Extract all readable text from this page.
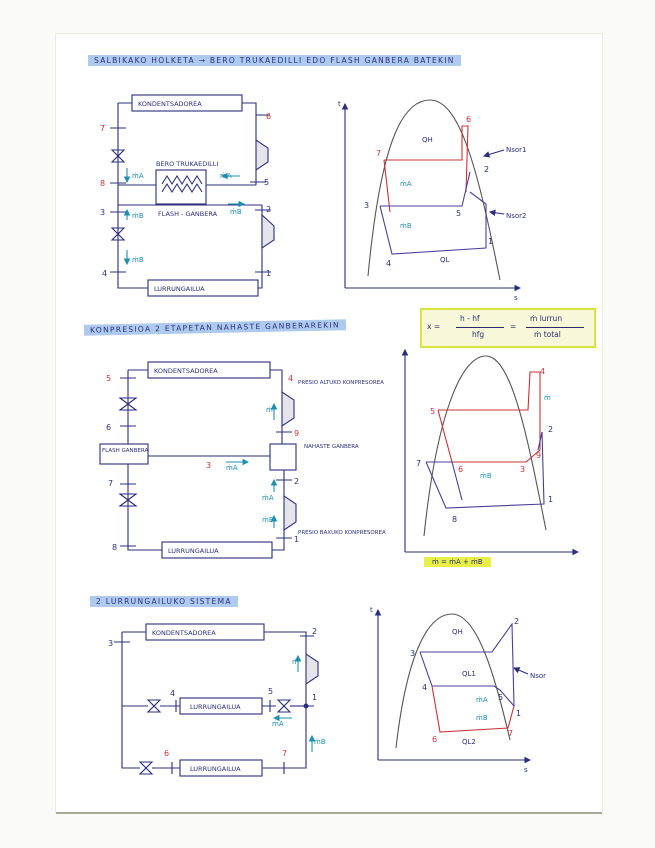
SALBIKAKO HOLKETA → BERO TRUKAEDILLI EDO FLASH GANBERA BATEKIN
KONPRESIOA 2 ETAPETAN NAHASTE GANBERAREKIN
2 LURRUNGAILUKO SISTEMA
x =
h - hf
hfg
=
ṁ lurrun
ṁ total
ṁ = ṁA + ṁB
KONDENTSADOREA
BERO TRUKAEDILLI
FLASH - GANBERA
LURRUNGAILUA
7
6
5
8
3	2
4	1
ṁA	ṁA
ṁB	ṁB
ṁB
t
s
QH
QL
Nsor1
Nsor2
ṁA
ṁB
7
6
2
3
5
4
1
KONDENTSADOREA
FLASH GANBERA
NAHASTE GANBERA
LURRUNGAILUA
PRESIO ALTUKO KONPRESOREA
PRESIO BAXUKO KONPRESOREA
5	4
6
9
3
7	2
8
1
ṁ
ṁA
ṁA
ṁB
5
4
2
9
7
6	3
8
1
ṁ
ṁB
KONDENTSADOREA
LURRUNGAILUA
LURRUNGAILUA
3
2
4	5
1
6	7
ṁ
ṁA
ṁB
t
s
QH
QL1
QL2
Nsor
ṁA
ṁB
3
2
4
5
1
6
7
